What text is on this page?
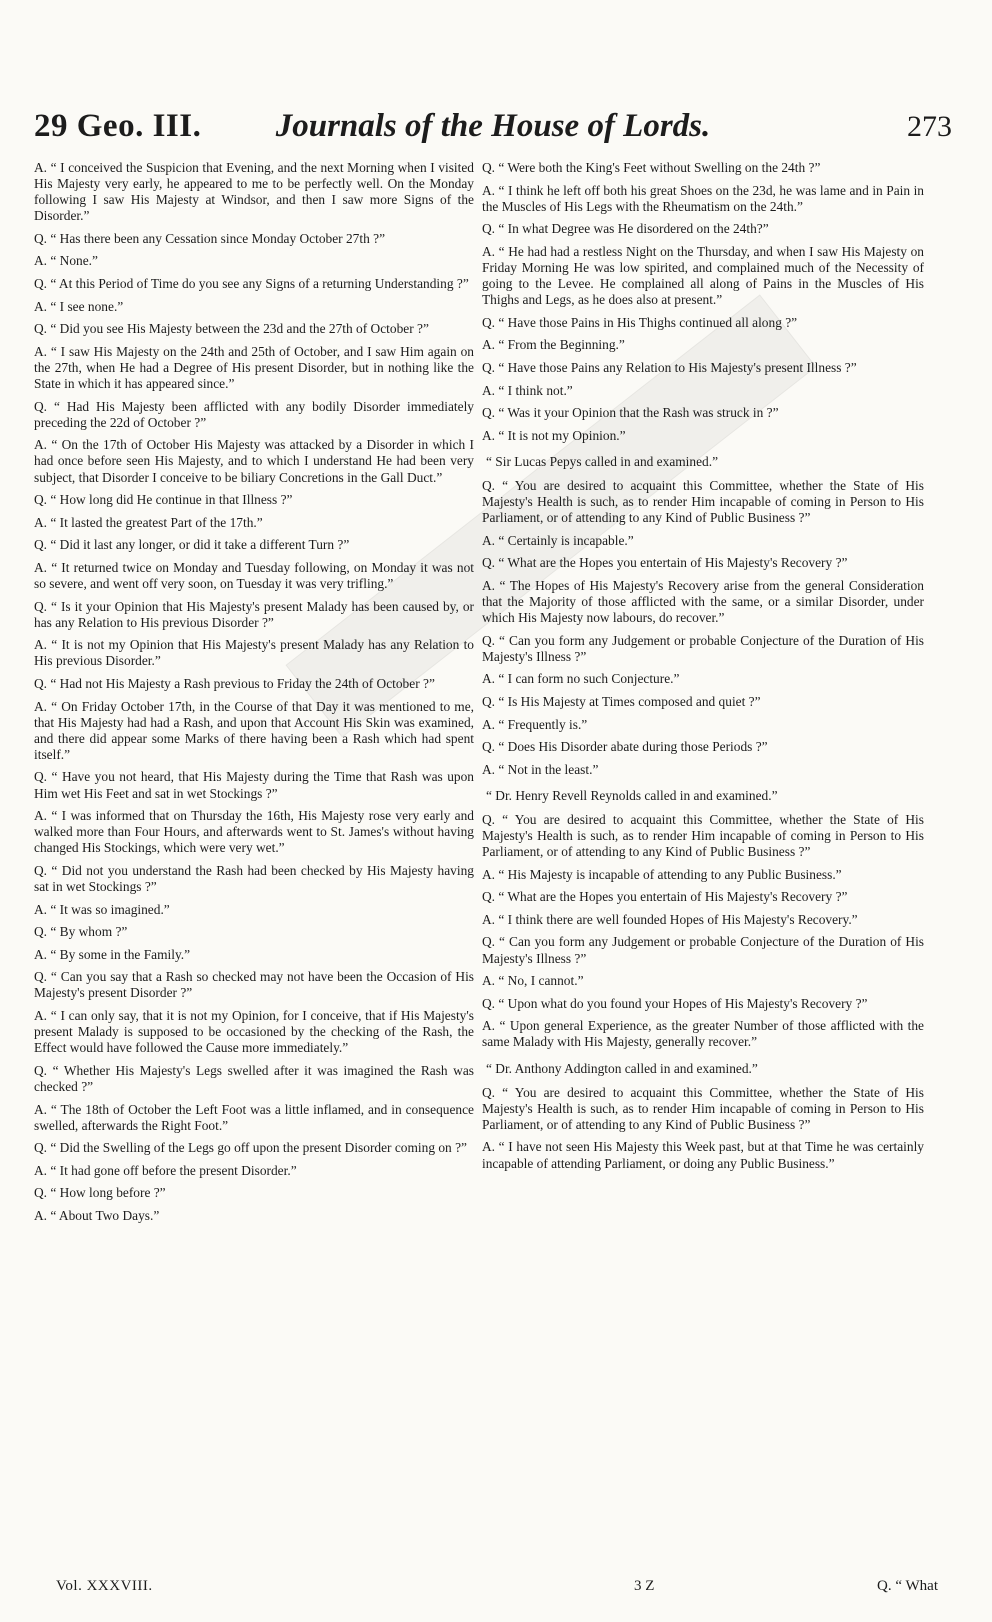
29 Geo. III.	Journals of the House of Lords.	273

A. “ I conceived the Suspicion that Evening, and the next Morning when I visited His Majesty very early, he appeared to me to be perfectly well. On the Monday following I saw His Majesty at Windsor, and then I saw more Signs of the Disorder.”

Q. “ Has there been any Cessation since Monday October 27th ?”

A. “ None.”

Q. “ At this Period of Time do you see any Signs of a returning Understanding ?”

A. “ I see none.”

Q. “ Did you see His Majesty between the 23d and the 27th of October ?”

A. “ I saw His Majesty on the 24th and 25th of October, and I saw Him again on the 27th, when He had a Degree of His present Disorder, but in nothing like the State in which it has appeared since.”

Q. “ Had His Majesty been afflicted with any bodily Disorder immediately preceding the 22d of October ?”

A. “ On the 17th of October His Majesty was attacked by a Disorder in which I had once before seen His Majesty, and to which I understand He had been very subject, that Disorder I conceive to be biliary Concretions in the Gall Duct.”

Q. “ How long did He continue in that Illness ?”

A. “ It lasted the greatest Part of the 17th.”

Q. “ Did it last any longer, or did it take a different Turn ?”

A. “ It returned twice on Monday and Tuesday following, on Monday it was not so severe, and went off very soon, on Tuesday it was very trifling.”

Q. “ Is it your Opinion that His Majesty's present Malady has been caused by, or has any Relation to His previous Disorder ?”

A. “ It is not my Opinion that His Majesty's present Malady has any Relation to His previous Disorder.”

Q. “ Had not His Majesty a Rash previous to Friday the 24th of October ?”

A. “ On Friday October 17th, in the Course of that Day it was mentioned to me, that His Majesty had had a Rash, and upon that Account His Skin was examined, and there did appear some Marks of there having been a Rash which had spent itself.”

Q. “ Have you not heard, that His Majesty during the Time that Rash was upon Him wet His Feet and sat in wet Stockings ?”

A. “ I was informed that on Thursday the 16th, His Majesty rose very early and walked more than Four Hours, and afterwards went to St. James's without having changed His Stockings, which were very wet.”

Q. “ Did not you understand the Rash had been checked by His Majesty having sat in wet Stockings ?”

A. “ It was so imagined.”

Q. “ By whom ?”

A. “ By some in the Family.”

Q. “ Can you say that a Rash so checked may not have been the Occasion of His Majesty's present Disorder ?”

A. “ I can only say, that it is not my Opinion, for I conceive, that if His Majesty's present Malady is supposed to be occasioned by the checking of the Rash, the Effect would have followed the Cause more immediately.”

Q. “ Whether His Majesty's Legs swelled after it was imagined the Rash was checked ?”

A. “ The 18th of October the Left Foot was a little inflamed, and in consequence swelled, afterwards the Right Foot.”

Q. “ Did the Swelling of the Legs go off upon the present Disorder coming on ?”

A. “ It had gone off before the present Disorder.”

Q. “ How long before ?”

A. “ About Two Days.”

Q. “ Were both the King's Feet without Swelling on the 24th ?”

A. “ I think he left off both his great Shoes on the 23d, he was lame and in Pain in the Muscles of His Legs with the Rheumatism on the 24th.”

Q. “ In what Degree was He disordered on the 24th?”

A. “ He had had a restless Night on the Thursday, and when I saw His Majesty on Friday Morning He was low spirited, and complained much of the Necessity of going to the Levee. He complained all along of Pains in the Muscles of His Thighs and Legs, as he does also at present.”

Q. “ Have those Pains in His Thighs continued all along ?”

A. “ From the Beginning.”

Q. “ Have those Pains any Relation to His Majesty's present Illness ?”

A. “ I think not.”

Q. “ Was it your Opinion that the Rash was struck in ?”

A. “ It is not my Opinion.”

“ Sir Lucas Pepys called in and examined.”

Q. “ You are desired to acquaint this Committee, whether the State of His Majesty's Health is such, as to render Him incapable of coming in Person to His Parliament, or of attending to any Kind of Public Business ?”

A. “ Certainly is incapable.”

Q. “ What are the Hopes you entertain of His Majesty's Recovery ?”

A. “ The Hopes of His Majesty's Recovery arise from the general Consideration that the Majority of those afflicted with the same, or a similar Disorder, under which His Majesty now labours, do recover.”

Q. “ Can you form any Judgement or probable Conjecture of the Duration of His Majesty's Illness ?”

A. “ I can form no such Conjecture.”

Q. “ Is His Majesty at Times composed and quiet ?”

A. “ Frequently is.”

Q. “ Does His Disorder abate during those Periods ?”

A. “ Not in the least.”

“ Dr. Henry Revell Reynolds called in and examined.”

Q. “ You are desired to acquaint this Committee, whether the State of His Majesty's Health is such, as to render Him incapable of coming in Person to His Parliament, or of attending to any Kind of Public Business ?”

A. “ His Majesty is incapable of attending to any Public Business.”

Q. “ What are the Hopes you entertain of His Majesty's Recovery ?”

A. “ I think there are well founded Hopes of His Majesty's Recovery.”

Q. “ Can you form any Judgement or probable Conjecture of the Duration of His Majesty's Illness ?”

A. “ No, I cannot.”

Q. “ Upon what do you found your Hopes of His Majesty's Recovery ?”

A. “ Upon general Experience, as the greater Number of those afflicted with the same Malady with His Majesty, generally recover.”

“ Dr. Anthony Addington called in and examined.”

Q. “ You are desired to acquaint this Committee, whether the State of His Majesty's Health is such, as to render Him incapable of coming in Person to His Parliament, or of attending to any Kind of Public Business ?”

A. “ I have not seen His Majesty this Week past, but at that Time he was certainly incapable of attending Parliament, or doing any Public Business.”

Vol. XXXVIII.	3 Z	Q. “ What
